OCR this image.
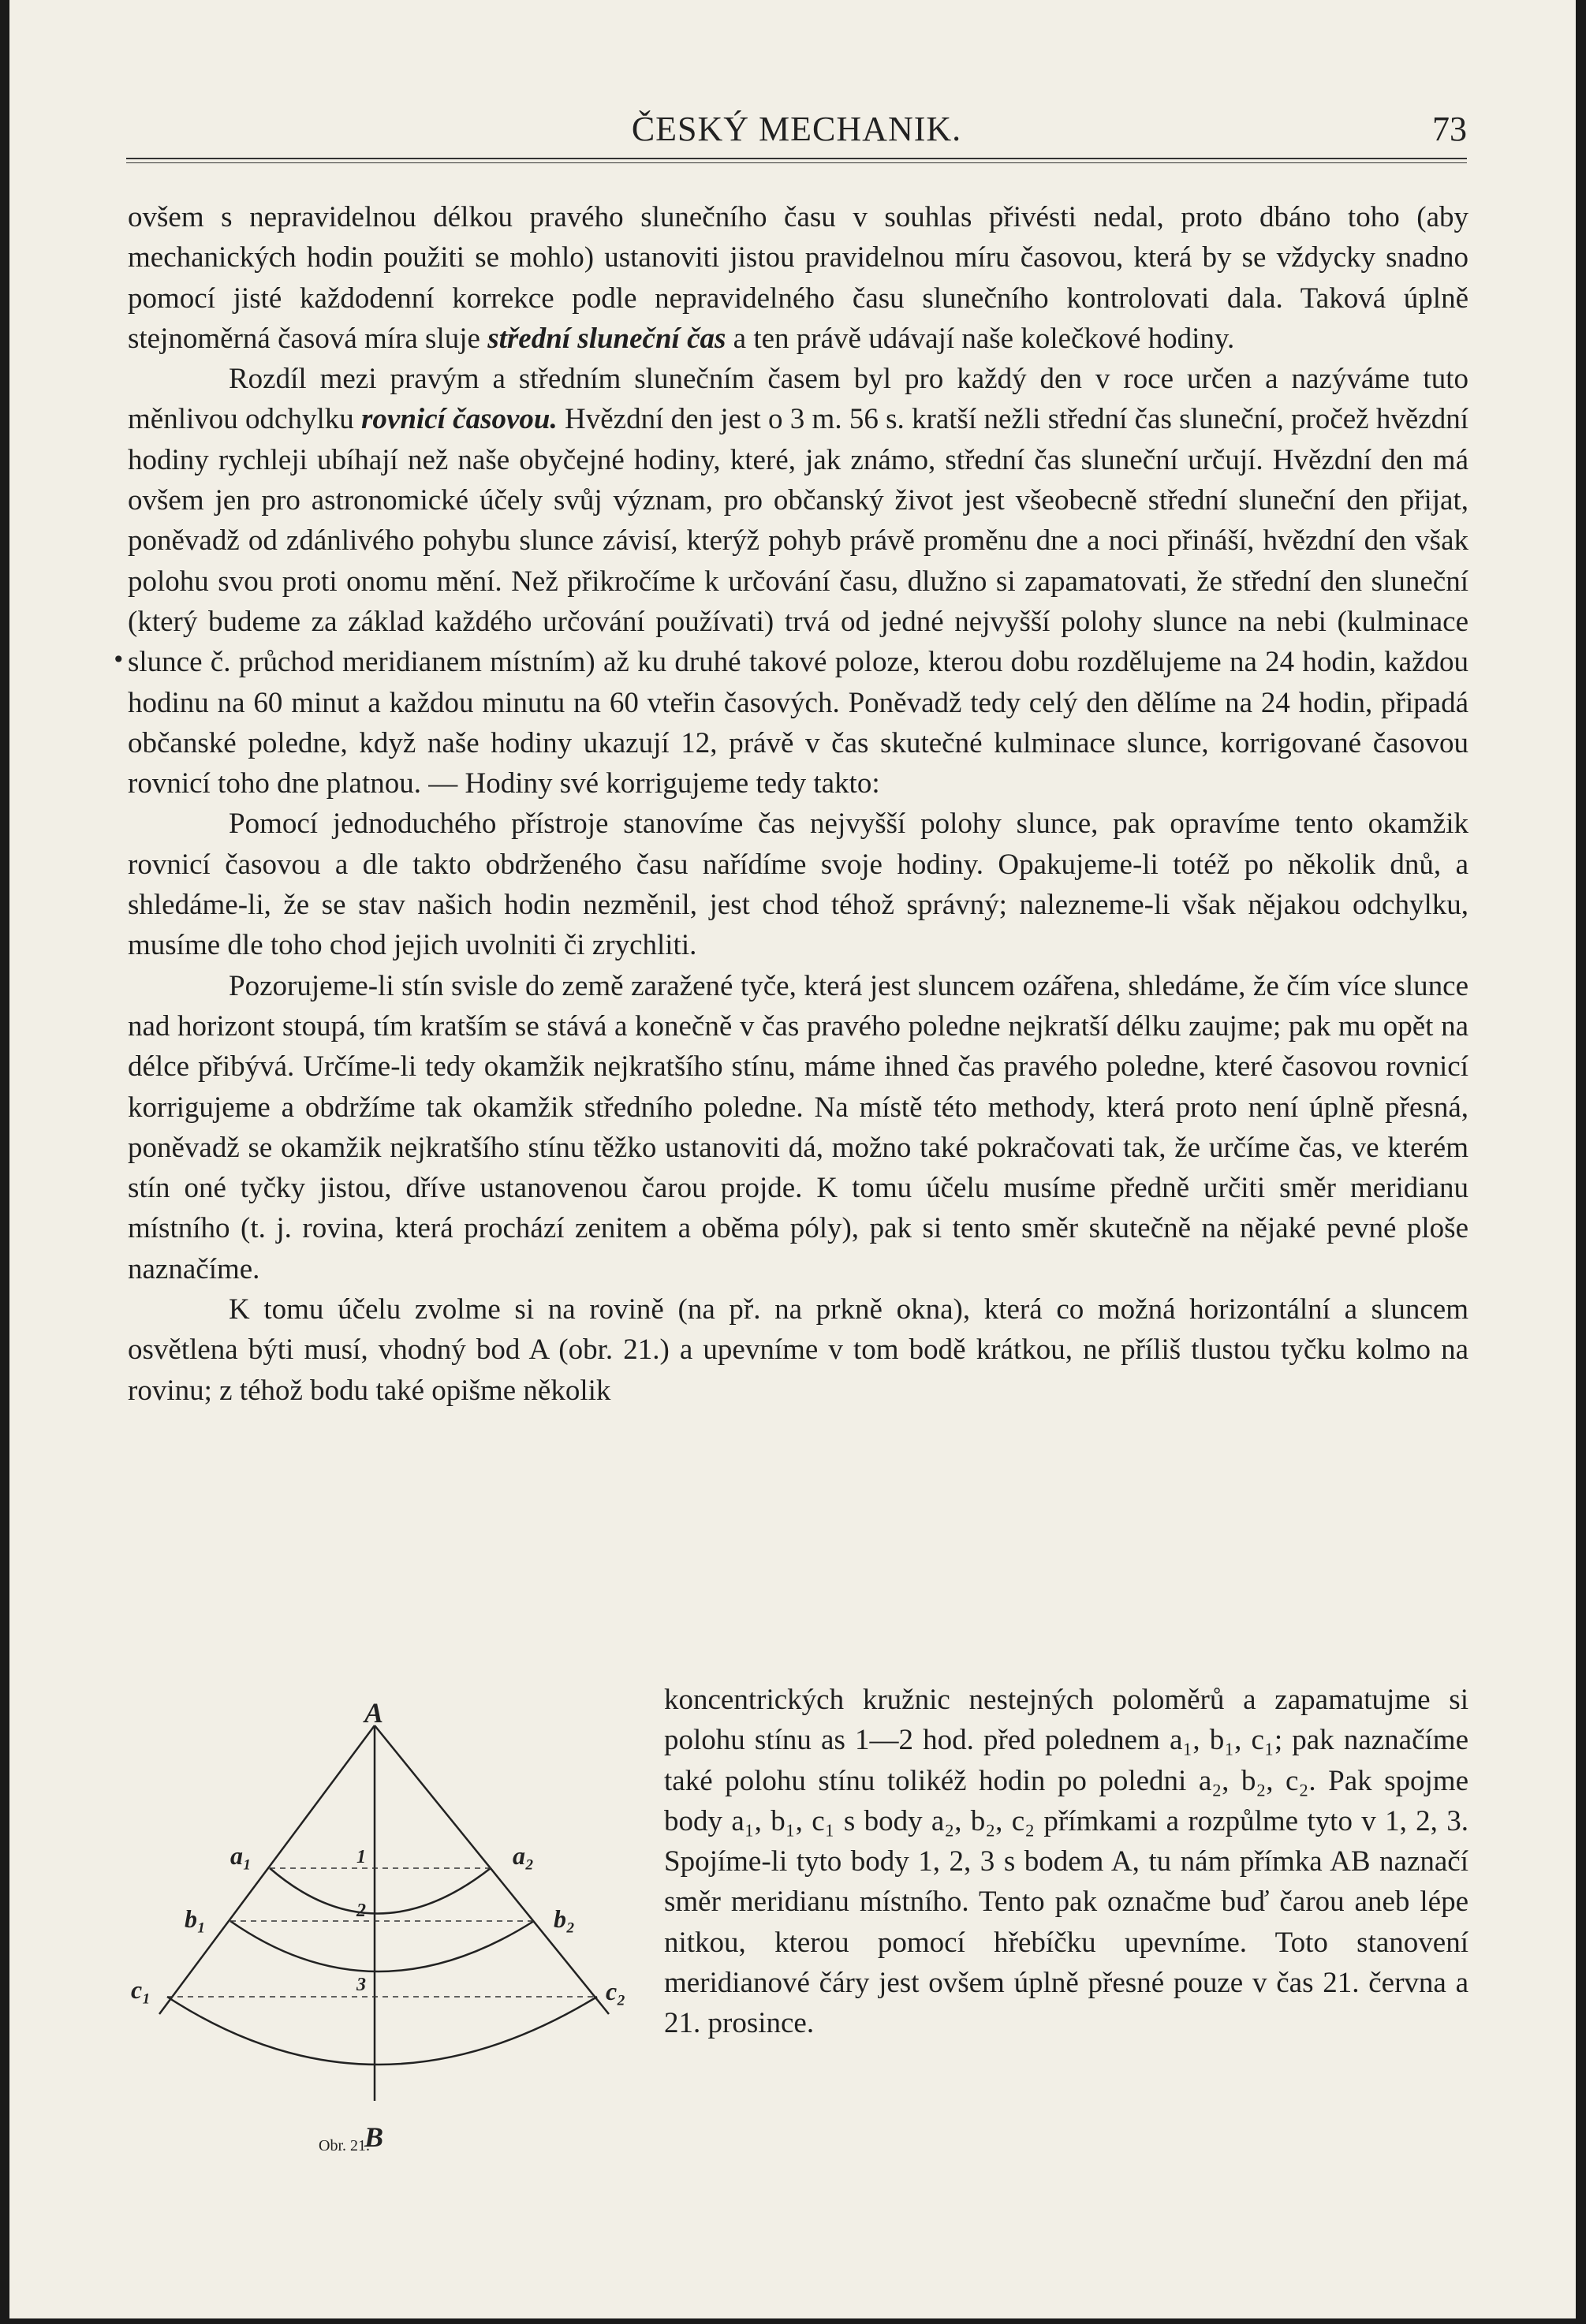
ČESKÝ MECHANIK.	73
•

ovšem s nepravidelnou délkou pravého slunečního času v souhlas přivésti nedal, proto dbáno toho (aby mechanických hodin použiti se mohlo) ustanoviti jistou pravidelnou míru časovou, která by se vždycky snadno pomocí jisté každodenní korrekce podle nepravidelného času slunečního kontrolovati dala. Taková úplně stejnoměrná časová míra sluje střední sluneční čas a ten právě udávají naše kolečkové hodiny.

Rozdíl mezi pravým a středním slunečním časem byl pro každý den v roce určen a nazýváme tuto měnlivou odchylku rovnicí časovou. Hvězdní den jest o 3 m. 56 s. kratší nežli střední čas sluneční, pročež hvězdní hodiny rychleji ubíhají než naše obyčejné hodiny, které, jak známo, střední čas sluneční určují. Hvězdní den má ovšem jen pro astronomické účely svůj význam, pro občanský život jest všeobecně střední sluneční den přijat, poněvadž od zdánlivého pohybu slunce závisí, kterýž pohyb právě proměnu dne a noci přináší, hvězdní den však polohu svou proti onomu mění. Než přikročíme k určování času, dlužno si zapamatovati, že střední den sluneční (který budeme za základ každého určování používati) trvá od jedné nejvyšší polohy slunce na nebi (kulminace slunce č. průchod meridianem místním) až ku druhé takové poloze, kterou dobu rozdělujeme na 24 hodin, každou hodinu na 60 minut a každou minutu na 60 vteřin časových. Poněvadž tedy celý den dělíme na 24 hodin, připadá občanské poledne, když naše hodiny ukazují 12, právě v čas skutečné kulminace slunce, korrigované časovou rovnicí toho dne platnou. — Hodiny své korrigujeme tedy takto:

Pomocí jednoduchého přístroje stanovíme čas nejvyšší polohy slunce, pak opravíme tento okamžik rovnicí časovou a dle takto obdrženého času nařídíme svoje hodiny. Opakujeme-li totéž po několik dnů, a shledáme-li, že se stav našich hodin nezměnil, jest chod téhož správný; nalezneme-li však nějakou odchylku, musíme dle toho chod jejich uvolniti či zrychliti.

Pozorujeme-li stín svisle do země zaražené tyče, která jest sluncem ozářena, shledáme, že čím více slunce nad horizont stoupá, tím kratším se stává a konečně v čas pravého poledne nejkratší délku zaujme; pak mu opět na délce přibývá. Určíme-li tedy okamžik nejkratšího stínu, máme ihned čas pravého poledne, které časovou rovnicí korrigujeme a obdržíme tak okamžik středního poledne. Na místě této methody, která proto není úplně přesná, poněvadž se okamžik nejkratšího stínu těžko ustanoviti dá, možno také pokračovati tak, že určíme čas, ve kterém stín oné tyčky jistou, dříve ustanovenou čarou projde. K tomu účelu musíme předně určiti směr meridianu místního (t. j. rovina, která prochází zenitem a oběma póly), pak si tento směr skutečně na nějaké pevné ploše naznačíme.

K tomu účelu zvolme si na rovině (na př. na prkně okna), která co možná horizontální a sluncem osvětlena býti musí, vhodný bod A (obr. 21.) a upevníme v tom bodě krátkou, ne příliš tlustou tyčku kolmo na rovinu; z téhož bodu také opišme několik

A
B
a₁	a₂
b₁	b₂
c₁	c₂
1
2
3
Obr. 21.

koncentrických kružnic nestejných poloměrů a zapamatujme si polohu stínu as 1—2 hod. před polednem a₁, b₁, c₁; pak naznačíme také polohu stínu tolikéž hodin po poledni a₂, b₂, c₂. Pak spojme body a₁, b₁, c₁ s body a₂, b₂, c₂ přímkami a rozpůlme tyto v 1, 2, 3. Spojíme-li tyto body 1, 2, 3 s bodem A, tu nám přímka AB naznačí směr meridianu místního. Tento pak označme buď čarou aneb lépe nitkou, kterou pomocí hřebíčku upevníme. Toto stanovení meridianové čáry jest ovšem úplně přesné pouze v čas 21. června a 21. prosince.
